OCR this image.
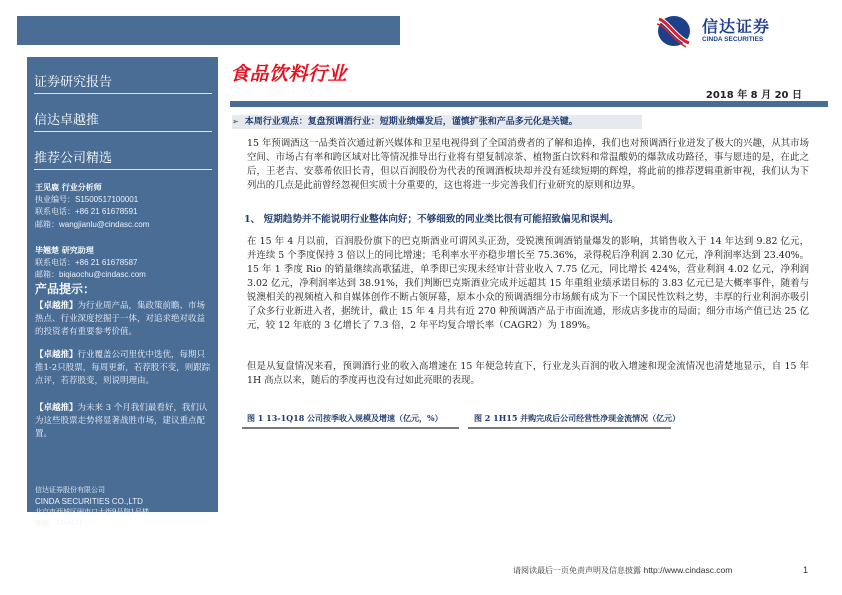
信达证券
CINDA SECURITIES
证券研究报告
信达卓越推
推荐公司精选
王见鹿 行业分析师
执业编号：S1500517100001
联系电话：+86 21 61678591
邮箱：wangjianlu@cindasc.com
毕翘楚 研究助理
联系电话：+86 21 61678587
邮箱：biqiaochu@cindasc.com
产品提示：
【卓越推】为行业周产品，集政策前瞻、市场热点、行业深度挖掘于一体，对追求绝对收益的投资者有重要参考价值。
【卓越推】行业覆盖公司里优中选优，每期只推1-2只股票，每周更新，若荐股不变，则跟踪点评，若荐股变，则说明理由。
【卓越推】为未来 3 个月我们最看好，我们认为这些股票走势将显著战胜市场，建议重点配置。
信达证券股份有限公司
CINDA SECURITIES CO.,LTD
北京市西城区闹市口大街9号院1号楼
邮编：100031
食品饮料行业
2018 年 8 月 20 日
➢ 本周行业观点：复盘预调酒行业：短期业绩爆发后，谨慎扩张和产品多元化是关键。

15 年预调酒这一品类首次通过新兴媒体和卫星电视得到了全国消费者的了解和追捧，我们也对预调酒行业迸发了极大的兴趣，从其市场空间、市场占有率和跨区域对比等情况推导出行业将有望复制凉茶、植物蛋白饮料和常温酸奶的爆款成功路径，事与愿违的是，在此之后，王老吉、安慕希依旧长青，但以百润股份为代表的预调酒板块却并没有延续短期的辉煌，将此前的推荐逻辑重新审视，我们认为下列出的几点是此前曾经忽视但实质十分重要的，这也将进一步完善我们行业研究的原则和边界。

1、 短期趋势并不能说明行业整体向好；不够细致的同业类比很有可能招致偏见和误判。

在 15 年 4 月以前，百润股份旗下的巴克斯酒业可谓风头正劲，受锐澳预调酒销量爆发的影响，其销售收入于 14 年达到 9.82 亿元，并连续 5 个季度保持 3 倍以上的同比增速；毛利率水平亦稳步增长至 75.36%，录得税后净利润 2.30 亿元，净利润率达到 23.40%。15 年 1 季度 Rio 的销量继续高歌猛进，单季即已实现未经审计营业收入 7.75 亿元，同比增长 424%，营业利润 4.02 亿元，净利润 3.02 亿元，净利润率达到 38.91%，我们判断巴克斯酒业完成并远超其 15 年重组业绩承诺目标的 3.83 亿元已是大概率事件，随着与锐澳相关的视频植入和自媒体创作不断占领屏幕，原本小众的预调酒细分市场颇有成为下一个国民性饮料之势，丰厚的行业利润亦吸引了众多行业新进入者，据统计，截止 15 年 4 月共有近 270 种预调酒产品于市面流通，形成店多拢市的局面；细分市场产值已达 25 亿元，较 12 年底的 3 亿增长了 7.3 倍，2 年平均复合增长率（CAGR2）为 189%。

但是从复盘情况来看，预调酒行业的收入高增速在 15 年便急转直下，行业龙头百润的收入增速和现金流情况也清楚地显示，自 15 年 1H 高点以来，随后的季度再也没有过如此亮眼的表现。

图 1 13-1Q18 公司按季收入规模及增速（亿元，%）	图 2 1H15 并购完成后公司经营性净现金流情况（亿元）
请阅读最后一页免责声明及信息披露 http://www.cindasc.com	1
